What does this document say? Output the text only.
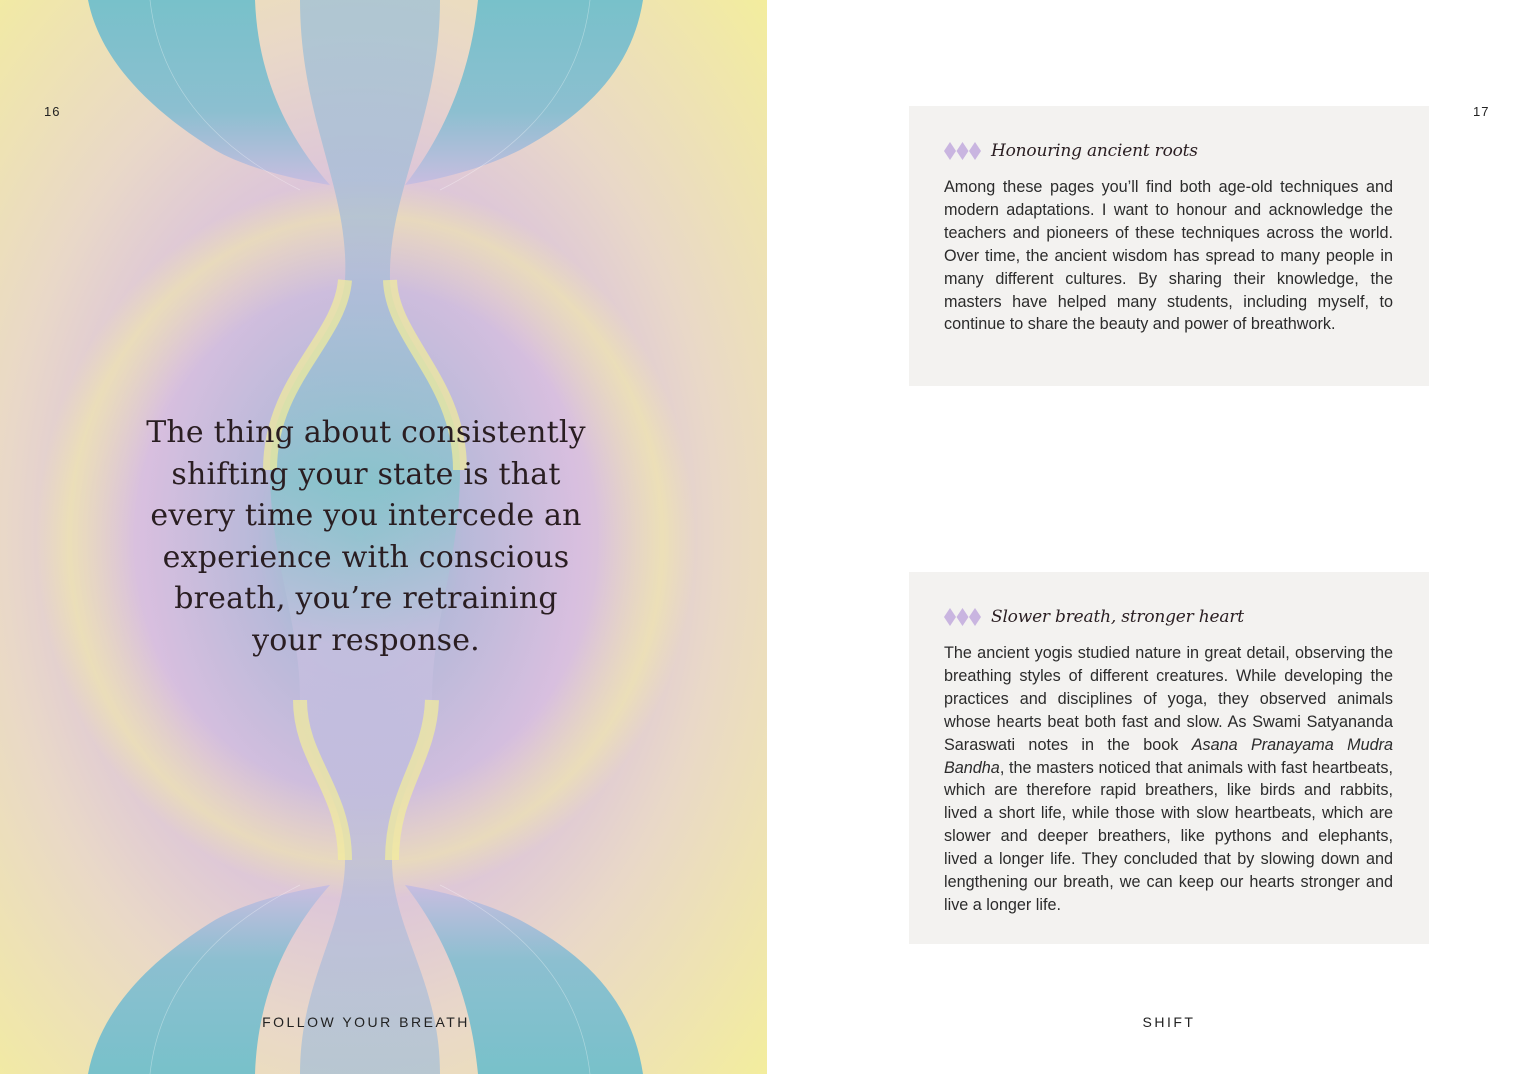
16

The thing about consistently shifting your state is that every time you intercede an experience with conscious breath, you’re retraining your response.

FOLLOW YOUR BREATH
17
Honouring ancient roots

Among these pages you’ll find both age-old techniques and modern adaptations. I want to honour and acknowledge the teachers and pioneers of these techniques across the world. Over time, the ancient wisdom has spread to many people in many different cultures. By sharing their knowledge, the masters have helped many students, including myself, to continue to share the beauty and power of breathwork.

Slower breath, stronger heart

The ancient yogis studied nature in great detail, observing the breathing styles of different creatures. While developing the practices and disciplines of yoga, they observed animals whose hearts beat both fast and slow. As Swami Satyananda Saraswati notes in the book Asana Pranayama Mudra Bandha, the masters noticed that animals with fast heartbeats, which are therefore rapid breathers, like birds and rabbits, lived a short life, while those with slow heartbeats, which are slower and deeper breathers, like pythons and elephants, lived a longer life. They concluded that by slowing down and lengthening our breath, we can keep our hearts stronger and live a longer life.

SHIFT
